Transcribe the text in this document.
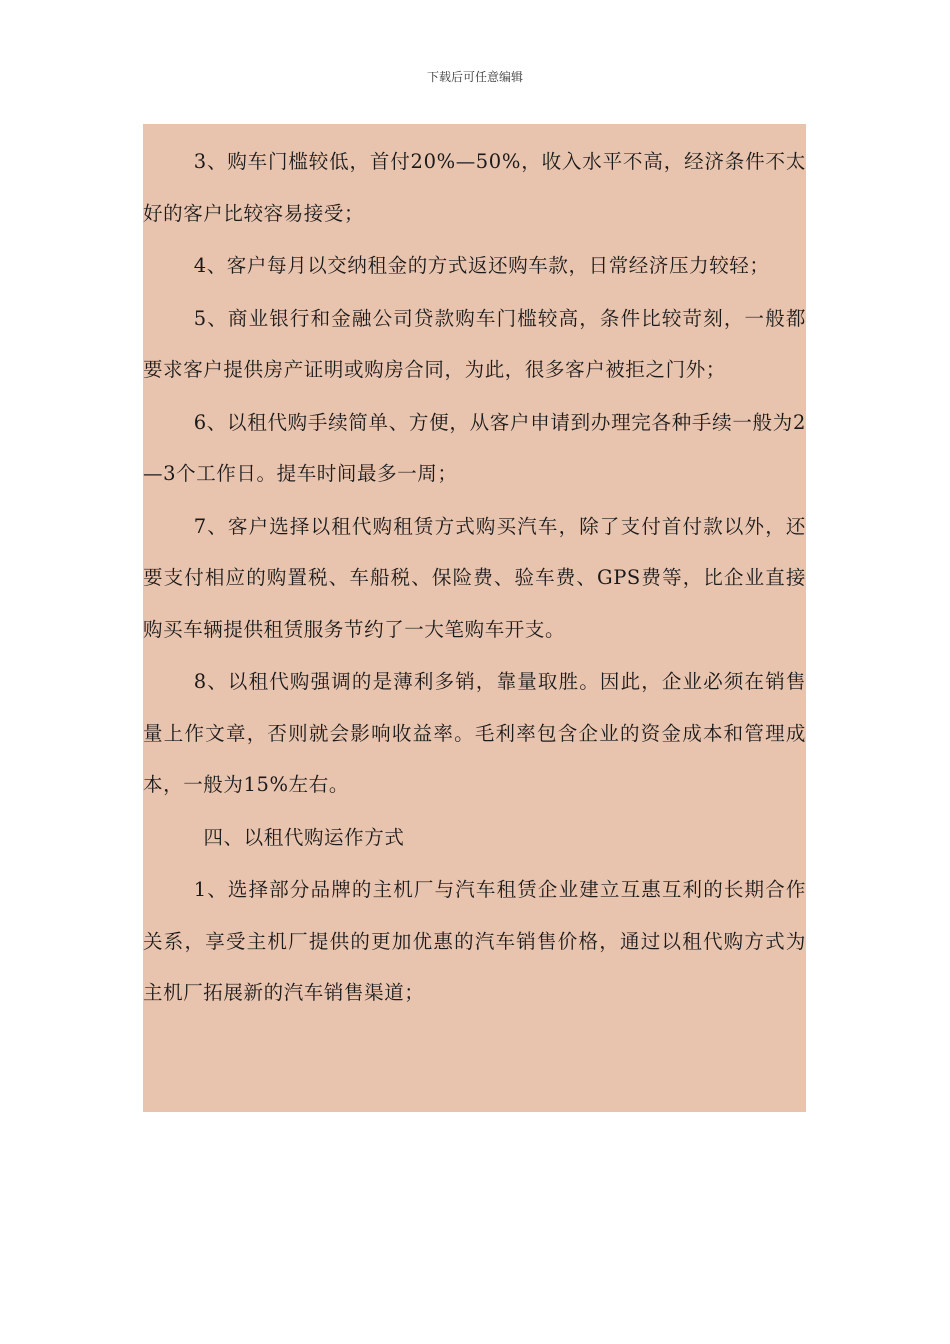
下载后可任意编辑

3、购车门槛较低，首付20%—50%，收入水平不高，经济条件不太好的客户比较容易接受；

4、客户每月以交纳租金的方式返还购车款，日常经济压力较轻；

5、商业银行和金融公司贷款购车门槛较高，条件比较苛刻，一般都要求客户提供房产证明或购房合同，为此，很多客户被拒之门外；

6、以租代购手续简单、方便，从客户申请到办理完各种手续一般为2—3个工作日。提车时间最多一周；

7、客户选择以租代购租赁方式购买汽车，除了支付首付款以外，还要支付相应的购置税、车船税、保险费、验车费、GPS费等，比企业直接购买车辆提供租赁服务节约了一大笔购车开支。

8、以租代购强调的是薄利多销，靠量取胜。因此，企业必须在销售量上作文章，否则就会影响收益率。毛利率包含企业的资金成本和管理成本，一般为15%左右。

四、以租代购运作方式

1、选择部分品牌的主机厂与汽车租赁企业建立互惠互利的长期合作关系，享受主机厂提供的更加优惠的汽车销售价格，通过以租代购方式为主机厂拓展新的汽车销售渠道；
